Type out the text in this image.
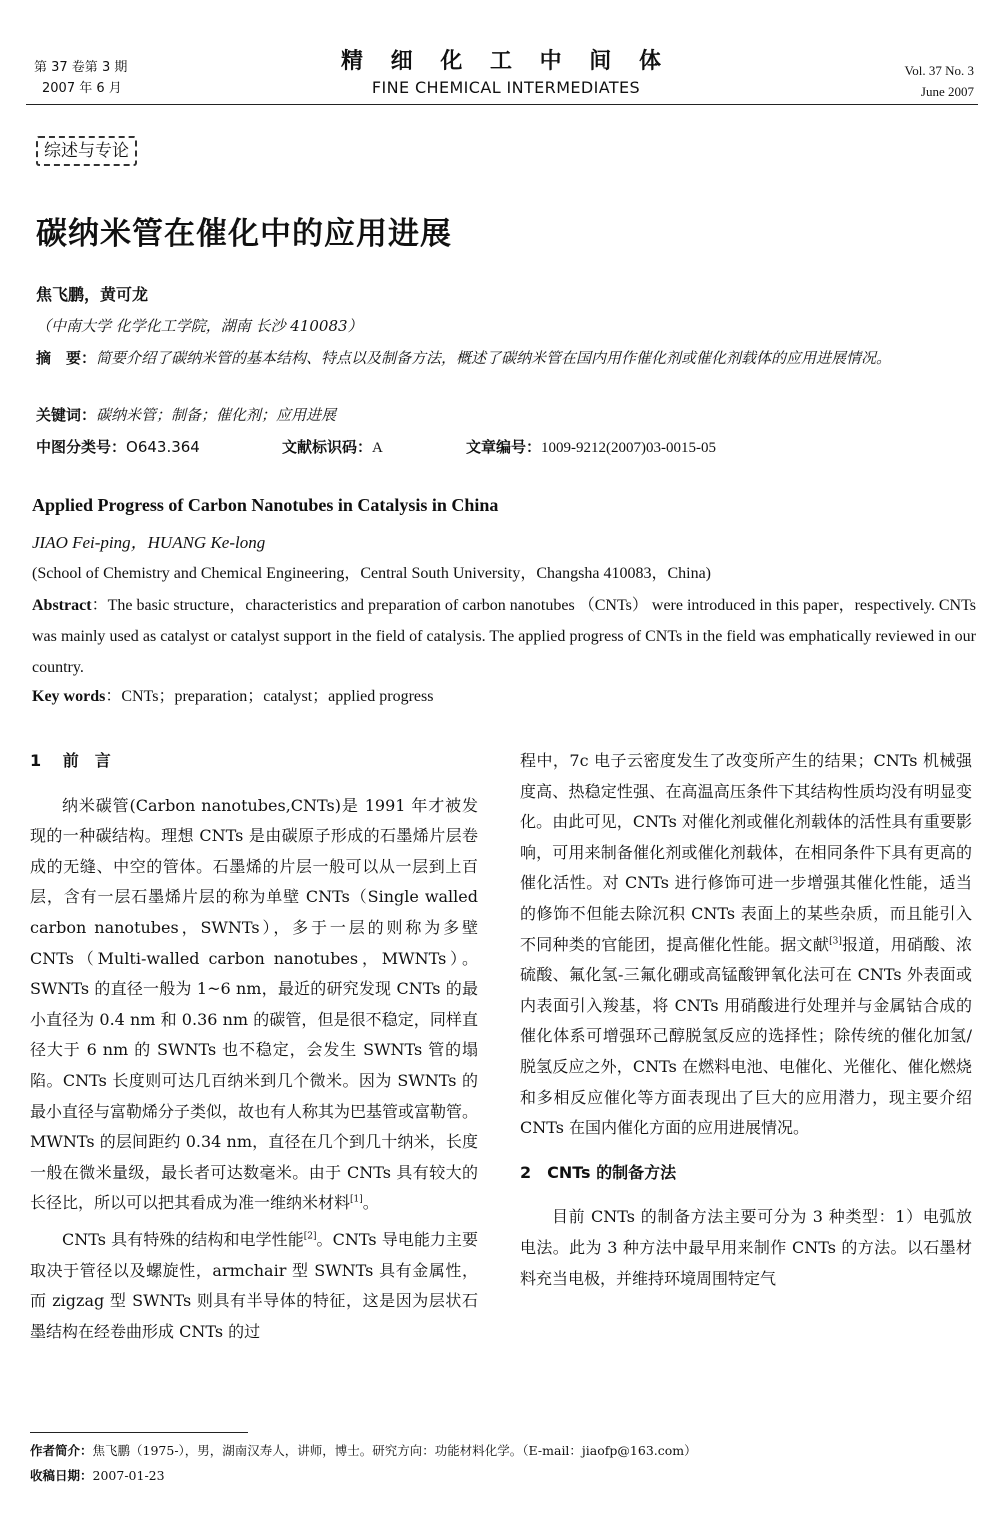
第 37 卷第 3 期
2007 年 6 月
精 细 化 工 中 间 体
FINE CHEMICAL INTERMEDIATES
Vol. 37 No. 3
June 2007
综述与专论
碳纳米管在催化中的应用进展
焦飞鹏，黄可龙
（中南大学 化学化工学院，湖南 长沙 410083）
摘　要：简要介绍了碳纳米管的基本结构、特点以及制备方法，概述了碳纳米管在国内用作催化剂或催化剂载体的应用进展情况。
关键词：碳纳米管；制备；催化剂；应用进展
中图分类号：O643.364	文献标识码：A	文章编号：1009-9212(2007)03-0015-05
Applied Progress of Carbon Nanotubes in Catalysis in China
JIAO Fei-ping，HUANG Ke-long
(School of Chemistry and Chemical Engineering，Central South University，Changsha 410083，China)
Abstract：The basic structure，characteristics and preparation of carbon nanotubes （CNTs） were introduced in this paper，respectively. CNTs was mainly used as catalyst or catalyst support in the field of catalysis. The applied progress of CNTs in the field was emphatically reviewed in our country.
Key words：CNTs；preparation；catalyst；applied progress
1　 前　言

纳米碳管(Carbon nanotubes,CNTs)是 1991 年才被发现的一种碳结构。理想 CNTs 是由碳原子形成的石墨烯片层卷成的无缝、中空的管体。石墨烯的片层一般可以从一层到上百层，含有一层石墨烯片层的称为单壁 CNTs（Single walled carbon nanotubes，SWNTs），多于一层的则称为多壁 CNTs（Multi-walled carbon nanotubes，MWNTs）。SWNTs 的直径一般为 1~6 nm，最近的研究发现 CNTs 的最小直径为 0.4 nm 和 0.36 nm 的碳管，但是很不稳定，同样直径大于 6 nm 的 SWNTs 也不稳定，会发生 SWNTs 管的塌陷。CNTs 长度则可达几百纳米到几个微米。因为 SWNTs 的最小直径与富勒烯分子类似，故也有人称其为巴基管或富勒管。MWNTs 的层间距约 0.34 nm，直径在几个到几十纳米，长度一般在微米量级，最长者可达数毫米。由于 CNTs 具有较大的长径比，所以可以把其看成为准一维纳米材料[1]。

CNTs 具有特殊的结构和电学性能[2]。CNTs 导电能力主要取决于管径以及螺旋性，armchair 型 SWNTs 具有金属性，而 zigzag 型 SWNTs 则具有半导体的特征，这是因为层状石墨结构在经卷曲形成 CNTs 的过

程中，7c 电子云密度发生了改变所产生的结果；CNTs 机械强度高、热稳定性强、在高温高压条件下其结构性质均没有明显变化。由此可见，CNTs 对催化剂或催化剂载体的活性具有重要影响，可用来制备催化剂或催化剂载体，在相同条件下具有更高的催化活性。对 CNTs 进行修饰可进一步增强其催化性能，适当的修饰不但能去除沉积 CNTs 表面上的某些杂质，而且能引入不同种类的官能团，提高催化性能。据文献[3]报道，用硝酸、浓硫酸、氟化氢-三氟化硼或高锰酸钾氧化法可在 CNTs 外表面或内表面引入羧基，将 CNTs 用硝酸进行处理并与金属钴合成的催化体系可增强环己醇脱氢反应的选择性；除传统的催化加氢/脱氢反应之外，CNTs 在燃料电池、电催化、光催化、催化燃烧和多相反应催化等方面表现出了巨大的应用潜力，现主要介绍 CNTs 在国内催化方面的应用进展情况。

2　CNTs 的制备方法

目前 CNTs 的制备方法主要可分为 3 种类型：1）电弧放电法。此为 3 种方法中最早用来制作 CNTs 的方法。以石墨材料充当电极，并维持环境周围特定气

作者简介：焦飞鹏（1975-），男，湖南汉寿人，讲师，博士。研究方向：功能材料化学。（E-mail：jiaofp@163.com）
收稿日期：2007-01-23
